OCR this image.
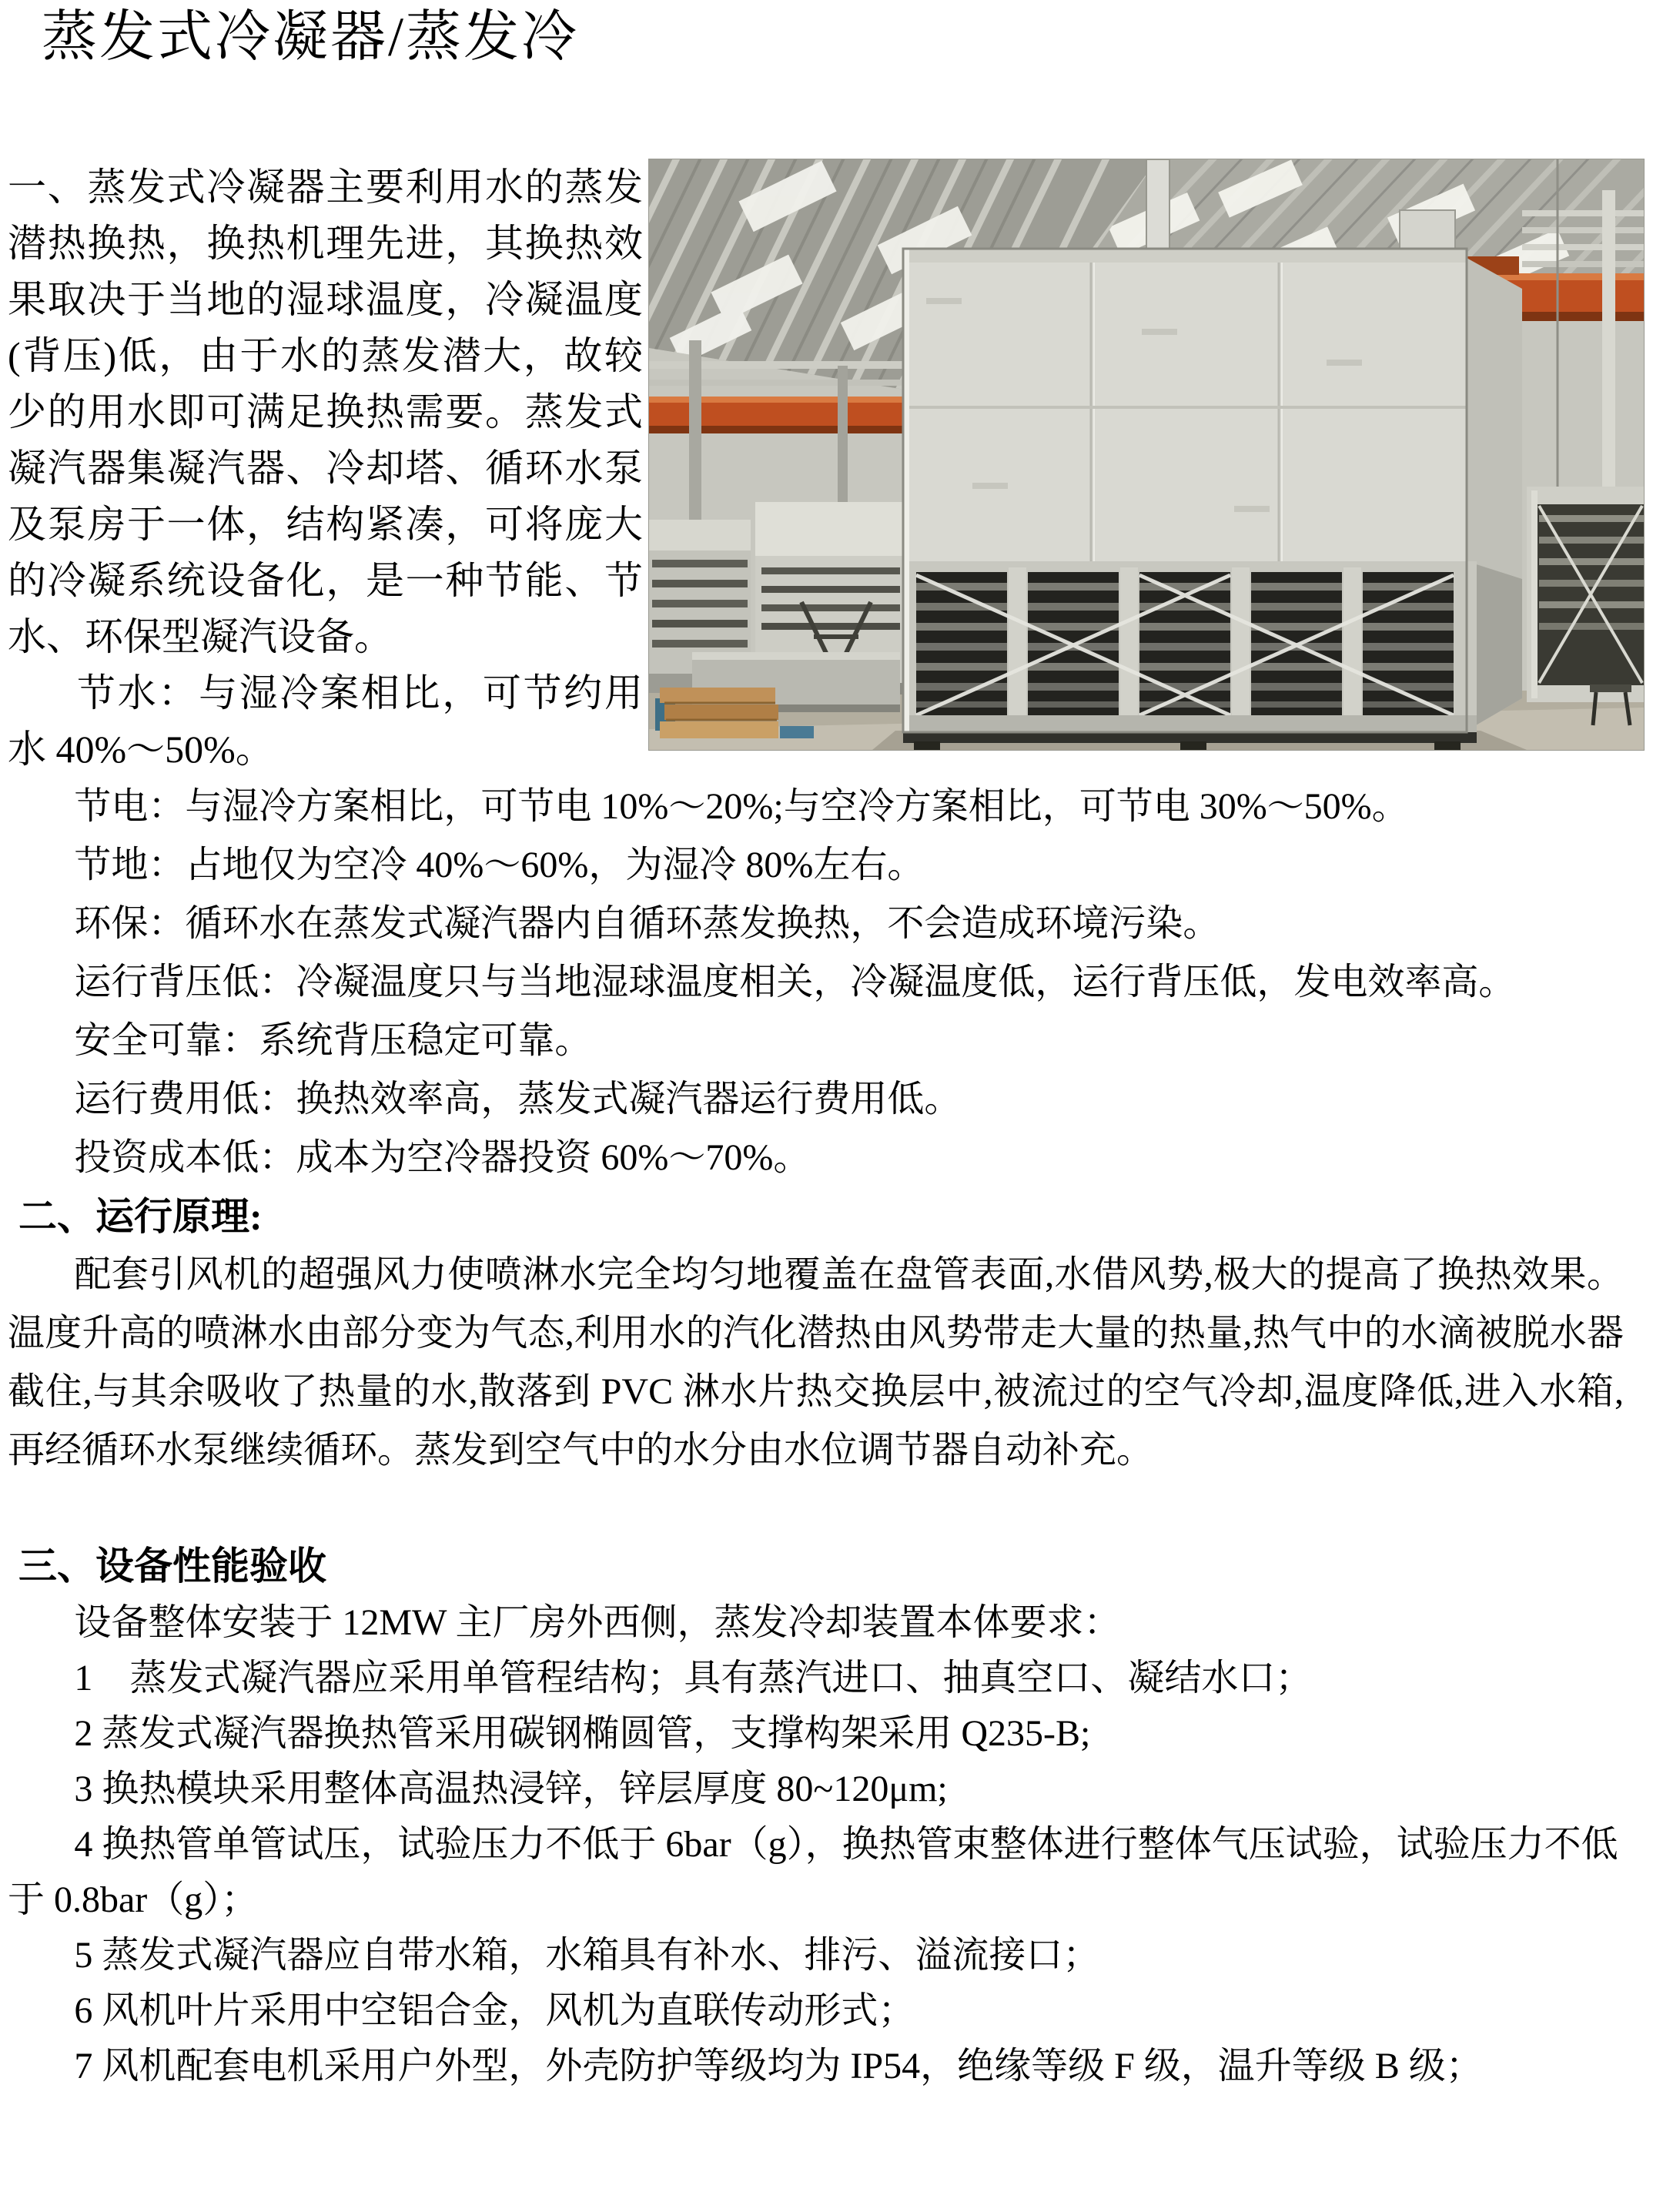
蒸发式冷凝器/蒸发冷

一、蒸发式冷凝器主要利用水的蒸发潜热换热，换热机理先进，其换热效果取决于当地的湿球温度，冷凝温度(背压)低，由于水的蒸发潜大，故较少的用水即可满足换热需要。蒸发式凝汽器集凝汽器、冷却塔、循环水泵及泵房于一体，结构紧凑，可将庞大的冷凝系统设备化，是一种节能、节水、环保型凝汽设备。

节水：与湿冷案相比，可节约用水 40%～50%。

节电：与湿冷方案相比，可节电 10%～20%;与空冷方案相比，可节电 30%～50%。

节地：占地仅为空冷 40%～60%，为湿冷 80%左右。

环保：循环水在蒸发式凝汽器内自循环蒸发换热，不会造成环境污染。

运行背压低：冷凝温度只与当地湿球温度相关，冷凝温度低，运行背压低，发电效率高。

安全可靠：系统背压稳定可靠。

运行费用低：换热效率高，蒸发式凝汽器运行费用低。

投资成本低：成本为空冷器投资 60%～70%。

二、运行原理:

配套引风机的超强风力使喷淋水完全均匀地覆盖在盘管表面,水借风势,极大的提高了换热效果。温度升高的喷淋水由部分变为气态,利用水的汽化潜热由风势带走大量的热量,热气中的水滴被脱水器截住,与其余吸收了热量的水,散落到 PVC 淋水片热交换层中,被流过的空气冷却,温度降低,进入水箱,再经循环水泵继续循环。蒸发到空气中的水分由水位调节器自动补充。

三、设备性能验收

设备整体安装于 12MW 主厂房外西侧，蒸发冷却装置本体要求：

1　蒸发式凝汽器应采用单管程结构；具有蒸汽进口、抽真空口、凝结水口；

2 蒸发式凝汽器换热管采用碳钢椭圆管，支撑构架采用 Q235-B;

3 换热模块采用整体高温热浸锌，锌层厚度 80~120μm;

4 换热管单管试压，试验压力不低于 6bar（g），换热管束整体进行整体气压试验，试验压力不低于 0.8bar（g）；

5 蒸发式凝汽器应自带水箱，水箱具有补水、排污、溢流接口；

6 风机叶片采用中空铝合金，风机为直联传动形式；

7 风机配套电机采用户外型，外壳防护等级均为 IP54，绝缘等级 F 级，温升等级 B 级；
